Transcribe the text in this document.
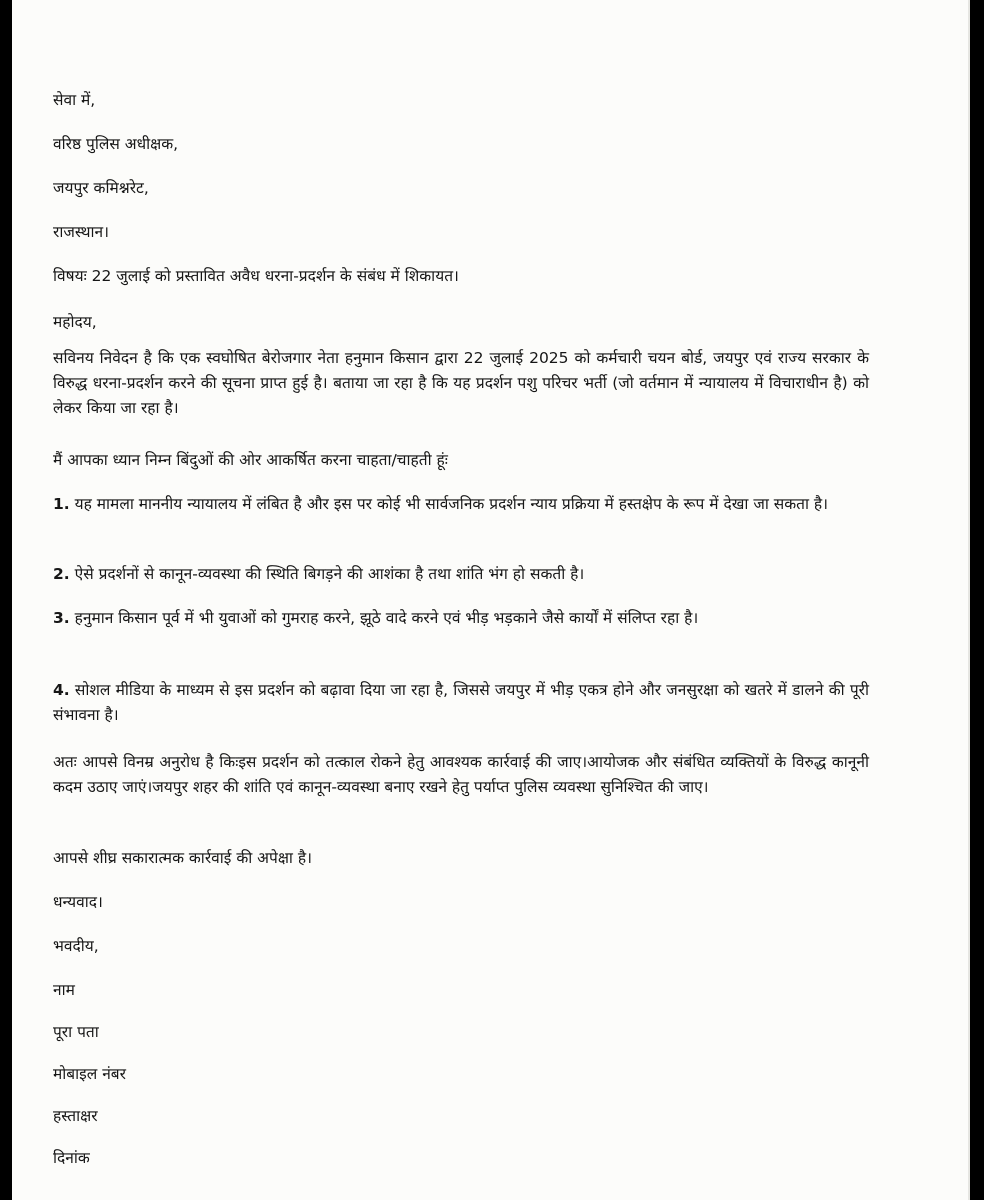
सेवा में,

वरिष्ठ पुलिस अधीक्षक,

जयपुर कमिश्नरेट,

राजस्थान।

विषयः 22 जुलाई को प्रस्तावित अवैध धरना-प्रदर्शन के संबंध में शिकायत।

महोदय,

सविनय निवेदन है कि एक स्वघोषित बेरोजगार नेता हनुमान किसान द्वारा 22 जुलाई 2025 को कर्मचारी चयन बोर्ड, जयपुर एवं राज्य सरकार के विरुद्ध धरना-प्रदर्शन करने की सूचना प्राप्त हुई है। बताया जा रहा है कि यह प्रदर्शन पशु परिचर भर्ती (जो वर्तमान में न्यायालय में विचाराधीन है) को लेकर किया जा रहा है।

मैं आपका ध्यान निम्न बिंदुओं की ओर आकर्षित करना चाहता/चाहती हूंः

1. यह मामला माननीय न्यायालय में लंबित है और इस पर कोई भी सार्वजनिक प्रदर्शन न्याय प्रक्रिया में हस्तक्षेप के रूप में देखा जा सकता है।

2. ऐसे प्रदर्शनों से कानून-व्यवस्था की स्थिति बिगड़ने की आशंका है तथा शांति भंग हो सकती है।

3. हनुमान किसान पूर्व में भी युवाओं को गुमराह करने, झूठे वादे करने एवं भीड़ भड़काने जैसे कार्यों में संलिप्त रहा है।

4. सोशल मीडिया के माध्यम से इस प्रदर्शन को बढ़ावा दिया जा रहा है, जिससे जयपुर में भीड़ एकत्र होने और जनसुरक्षा को खतरे में डालने की पूरी संभावना है।

अतः आपसे विनम्र अनुरोध है किःइस प्रदर्शन को तत्काल रोकने हेतु आवश्यक कार्रवाई की जाए।आयोजक और संबंधित व्यक्तियों के विरुद्ध कानूनी कदम उठाए जाएं।जयपुर शहर की शांति एवं कानून-व्यवस्था बनाए रखने हेतु पर्याप्त पुलिस व्यवस्था सुनिश्चित की जाए।

आपसे शीघ्र सकारात्मक कार्रवाई की अपेक्षा है।

धन्यवाद।

भवदीय,

नाम

पूरा पता

मोबाइल नंबर

हस्ताक्षर

दिनांक
